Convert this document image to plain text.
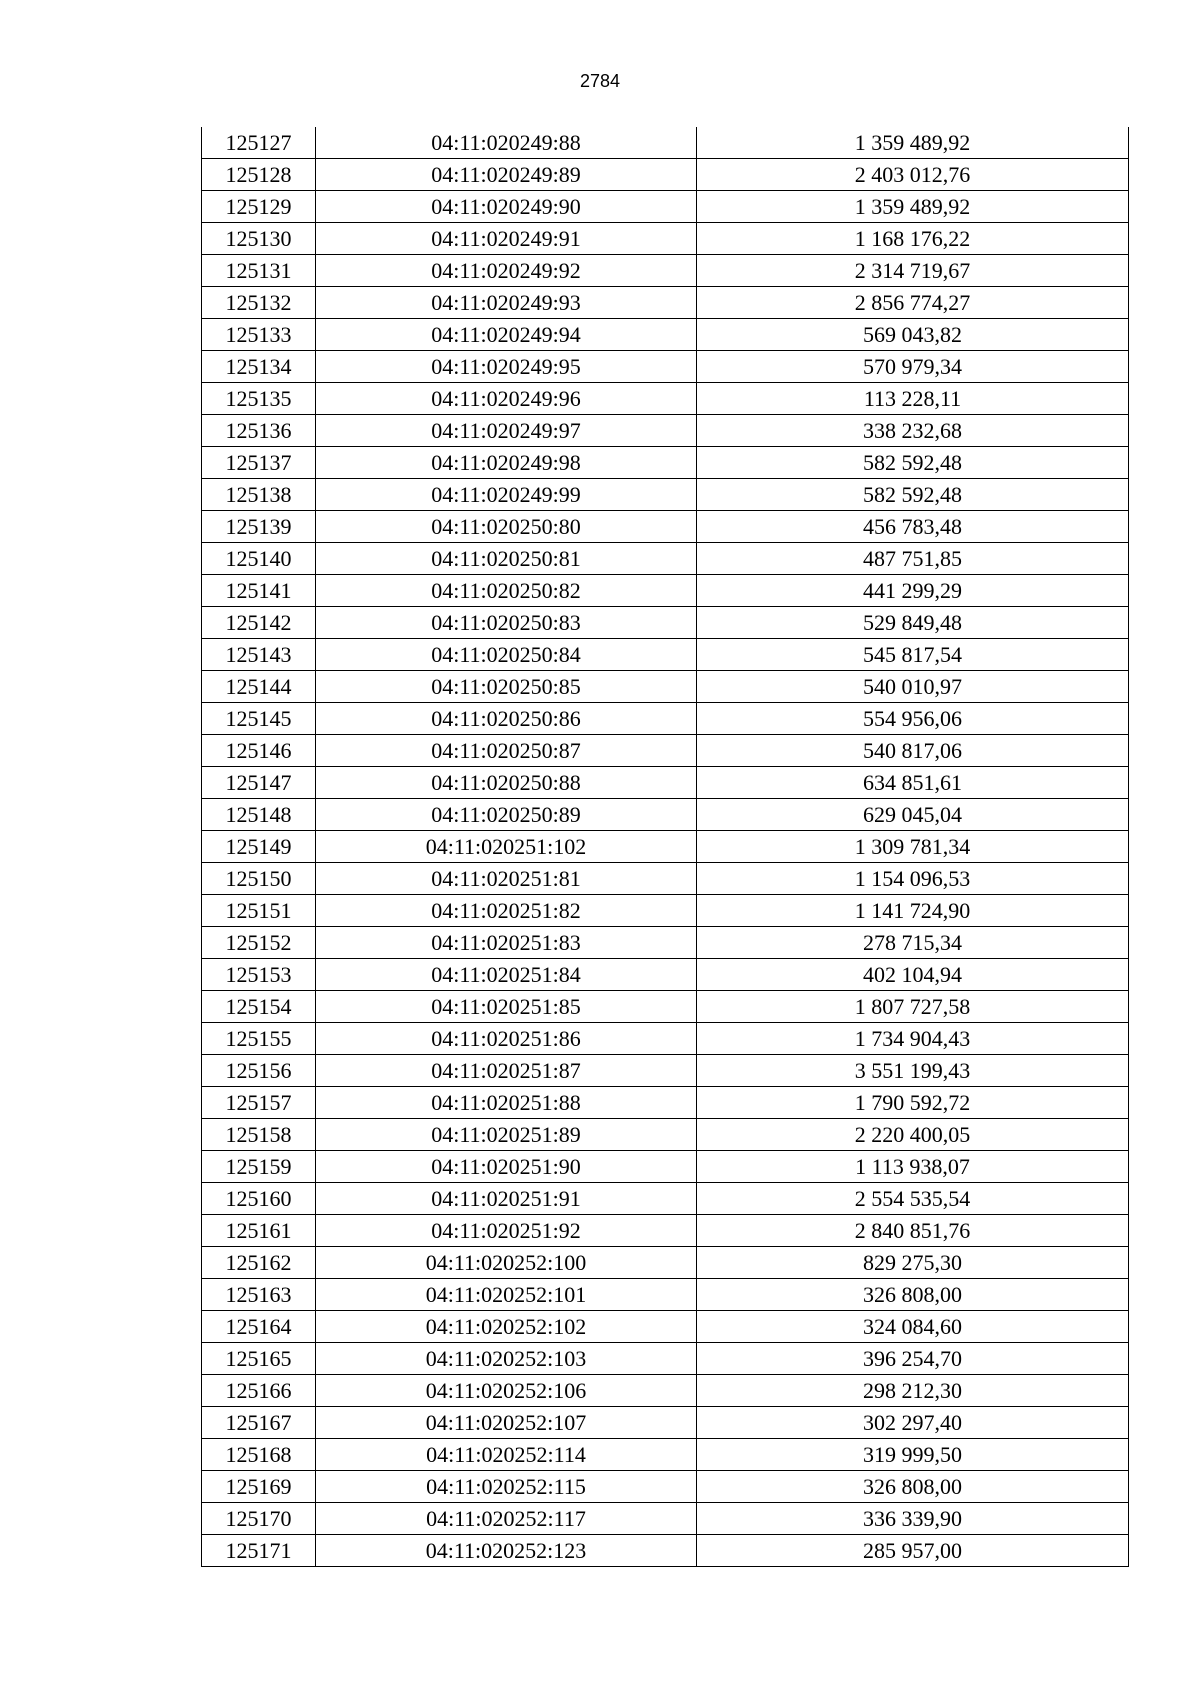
2784
125127	04:11:020249:88	1 359 489,92
125128	04:11:020249:89	2 403 012,76
125129	04:11:020249:90	1 359 489,92
125130	04:11:020249:91	1 168 176,22
125131	04:11:020249:92	2 314 719,67
125132	04:11:020249:93	2 856 774,27
125133	04:11:020249:94	569 043,82
125134	04:11:020249:95	570 979,34
125135	04:11:020249:96	113 228,11
125136	04:11:020249:97	338 232,68
125137	04:11:020249:98	582 592,48
125138	04:11:020249:99	582 592,48
125139	04:11:020250:80	456 783,48
125140	04:11:020250:81	487 751,85
125141	04:11:020250:82	441 299,29
125142	04:11:020250:83	529 849,48
125143	04:11:020250:84	545 817,54
125144	04:11:020250:85	540 010,97
125145	04:11:020250:86	554 956,06
125146	04:11:020250:87	540 817,06
125147	04:11:020250:88	634 851,61
125148	04:11:020250:89	629 045,04
125149	04:11:020251:102	1 309 781,34
125150	04:11:020251:81	1 154 096,53
125151	04:11:020251:82	1 141 724,90
125152	04:11:020251:83	278 715,34
125153	04:11:020251:84	402 104,94
125154	04:11:020251:85	1 807 727,58
125155	04:11:020251:86	1 734 904,43
125156	04:11:020251:87	3 551 199,43
125157	04:11:020251:88	1 790 592,72
125158	04:11:020251:89	2 220 400,05
125159	04:11:020251:90	1 113 938,07
125160	04:11:020251:91	2 554 535,54
125161	04:11:020251:92	2 840 851,76
125162	04:11:020252:100	829 275,30
125163	04:11:020252:101	326 808,00
125164	04:11:020252:102	324 084,60
125165	04:11:020252:103	396 254,70
125166	04:11:020252:106	298 212,30
125167	04:11:020252:107	302 297,40
125168	04:11:020252:114	319 999,50
125169	04:11:020252:115	326 808,00
125170	04:11:020252:117	336 339,90
125171	04:11:020252:123	285 957,00
